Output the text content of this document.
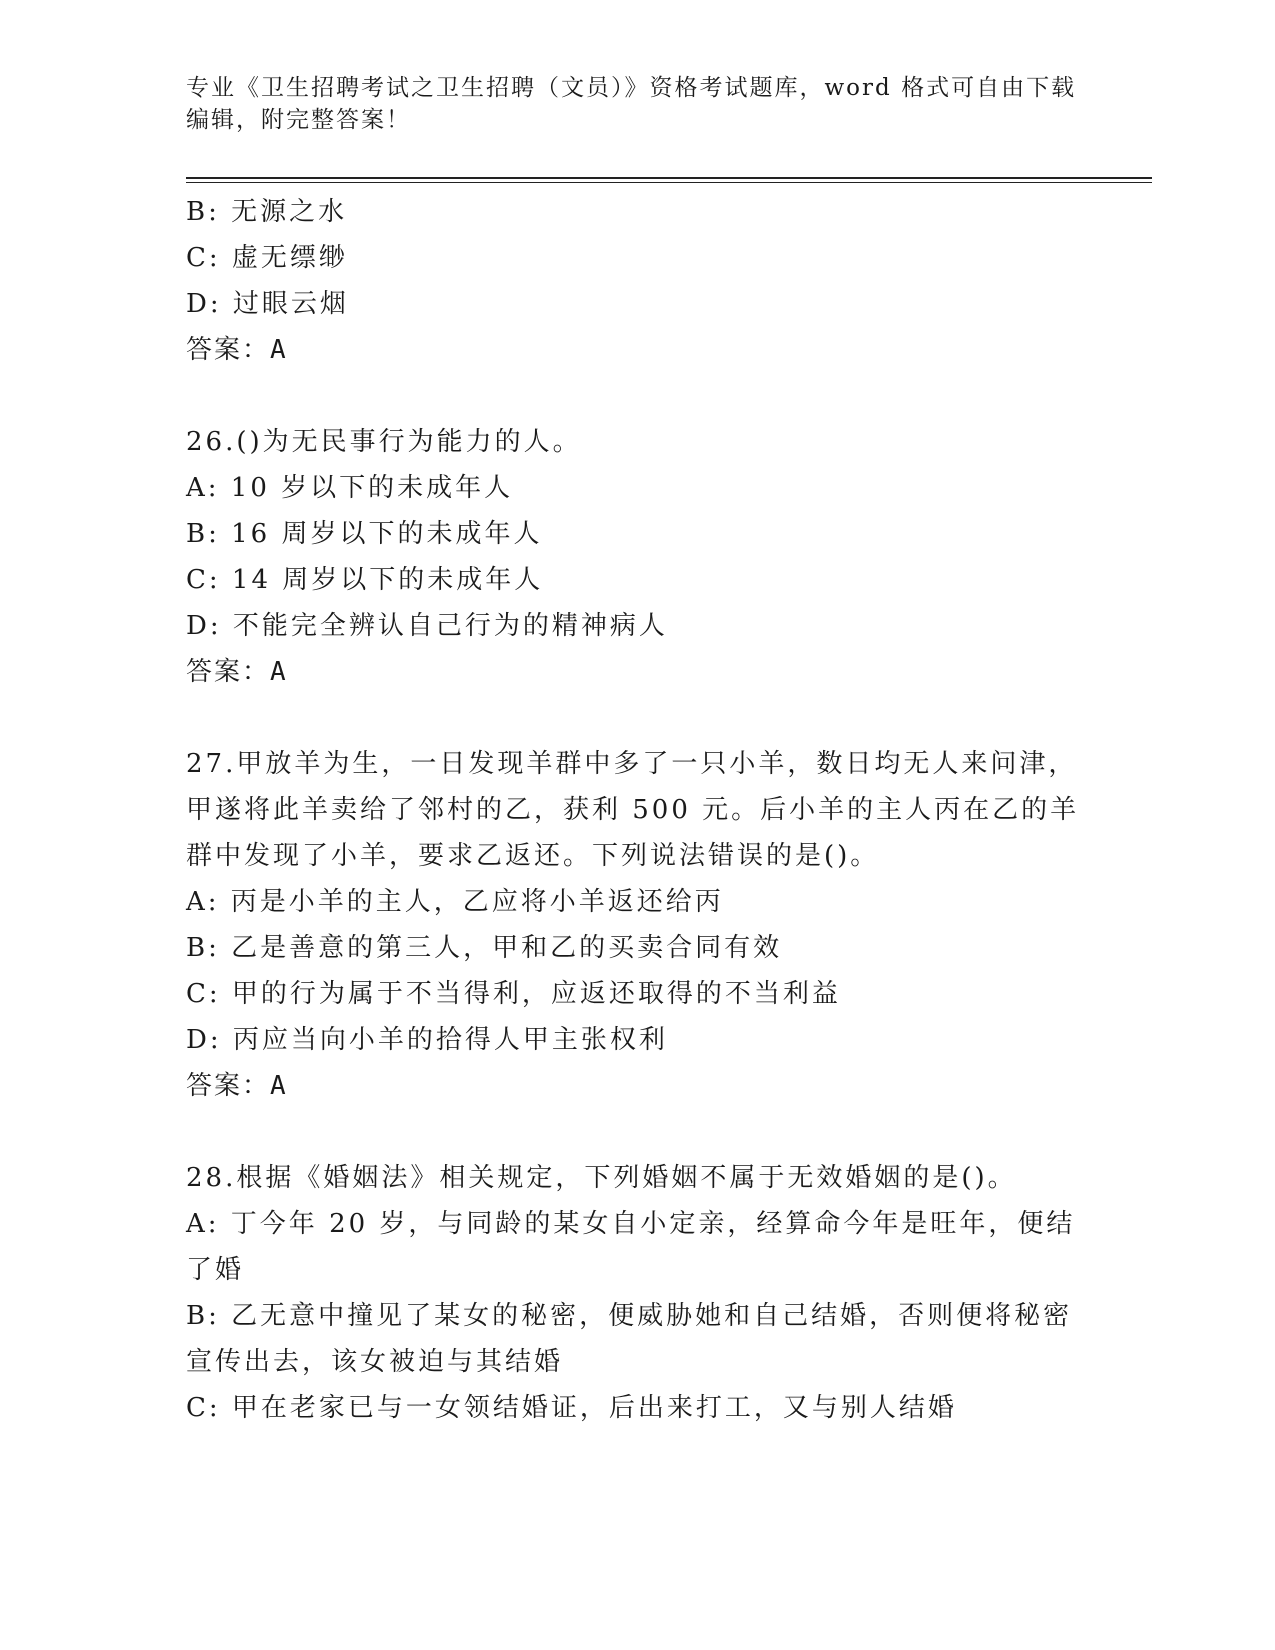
专业《卫生招聘考试之卫生招聘（文员）》资格考试题库，word 格式可自由下载
编辑，附完整答案！
B: 无源之水
C: 虚无缥缈
D: 过眼云烟
答案：A
26.()为无民事行为能力的人。
A: 10 岁以下的未成年人
B: 16 周岁以下的未成年人
C: 14 周岁以下的未成年人
D: 不能完全辨认自己行为的精神病人
答案：A
27.甲放羊为生，一日发现羊群中多了一只小羊，数日均无人来问津，
甲遂将此羊卖给了邻村的乙，获利 500 元。后小羊的主人丙在乙的羊
群中发现了小羊，要求乙返还。下列说法错误的是()。
A: 丙是小羊的主人，乙应将小羊返还给丙
B: 乙是善意的第三人，甲和乙的买卖合同有效
C: 甲的行为属于不当得利，应返还取得的不当利益
D: 丙应当向小羊的拾得人甲主张权利
答案：A
28.根据《婚姻法》相关规定，下列婚姻不属于无效婚姻的是()。
A: 丁今年 20 岁，与同龄的某女自小定亲，经算命今年是旺年，便结
了婚
B: 乙无意中撞见了某女的秘密，便威胁她和自己结婚，否则便将秘密
宣传出去，该女被迫与其结婚
C: 甲在老家已与一女领结婚证，后出来打工，又与别人结婚
